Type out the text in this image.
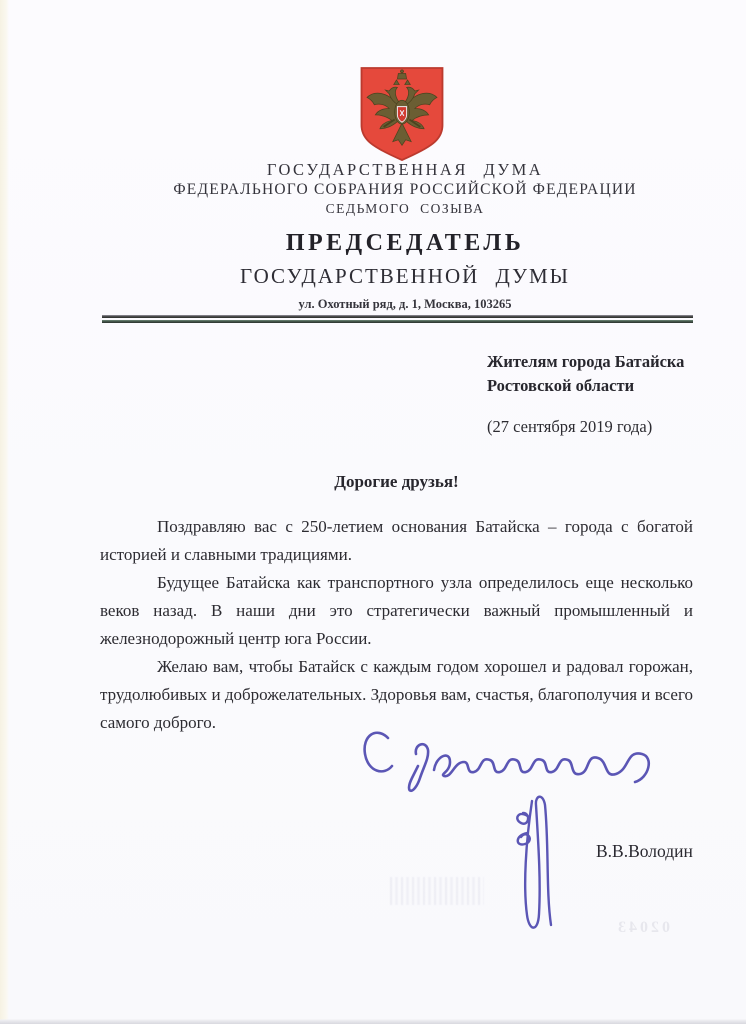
ГОСУДАРСТВЕННАЯ ДУМА
ФЕДЕРАЛЬНОГО СОБРАНИЯ РОССИЙСКОЙ ФЕДЕРАЦИИ
СЕДЬМОГО СОЗЫВА
ПРЕДСЕДАТЕЛЬ
ГОСУДАРСТВЕННОЙ ДУМЫ
ул. Охотный ряд, д. 1, Москва, 103265
Жителям города Батайска
Ростовской области
(27 сентября 2019 года)
Дорогие друзья!

Поздравляю вас с 250-летием основания Батайска – города с богатой историей и славными традициями.

Будущее Батайска как транспортного узла определилось еще несколько веков назад. В наши дни это стратегически важный промышленный и железнодорожный центр юга России.

Желаю вам, чтобы Батайск с каждым годом хорошел и радовал горожан, трудолюбивых и доброжелательных. Здоровья вам, счастья, благополучия и всего самого доброго.

В.В.Володин
02043
